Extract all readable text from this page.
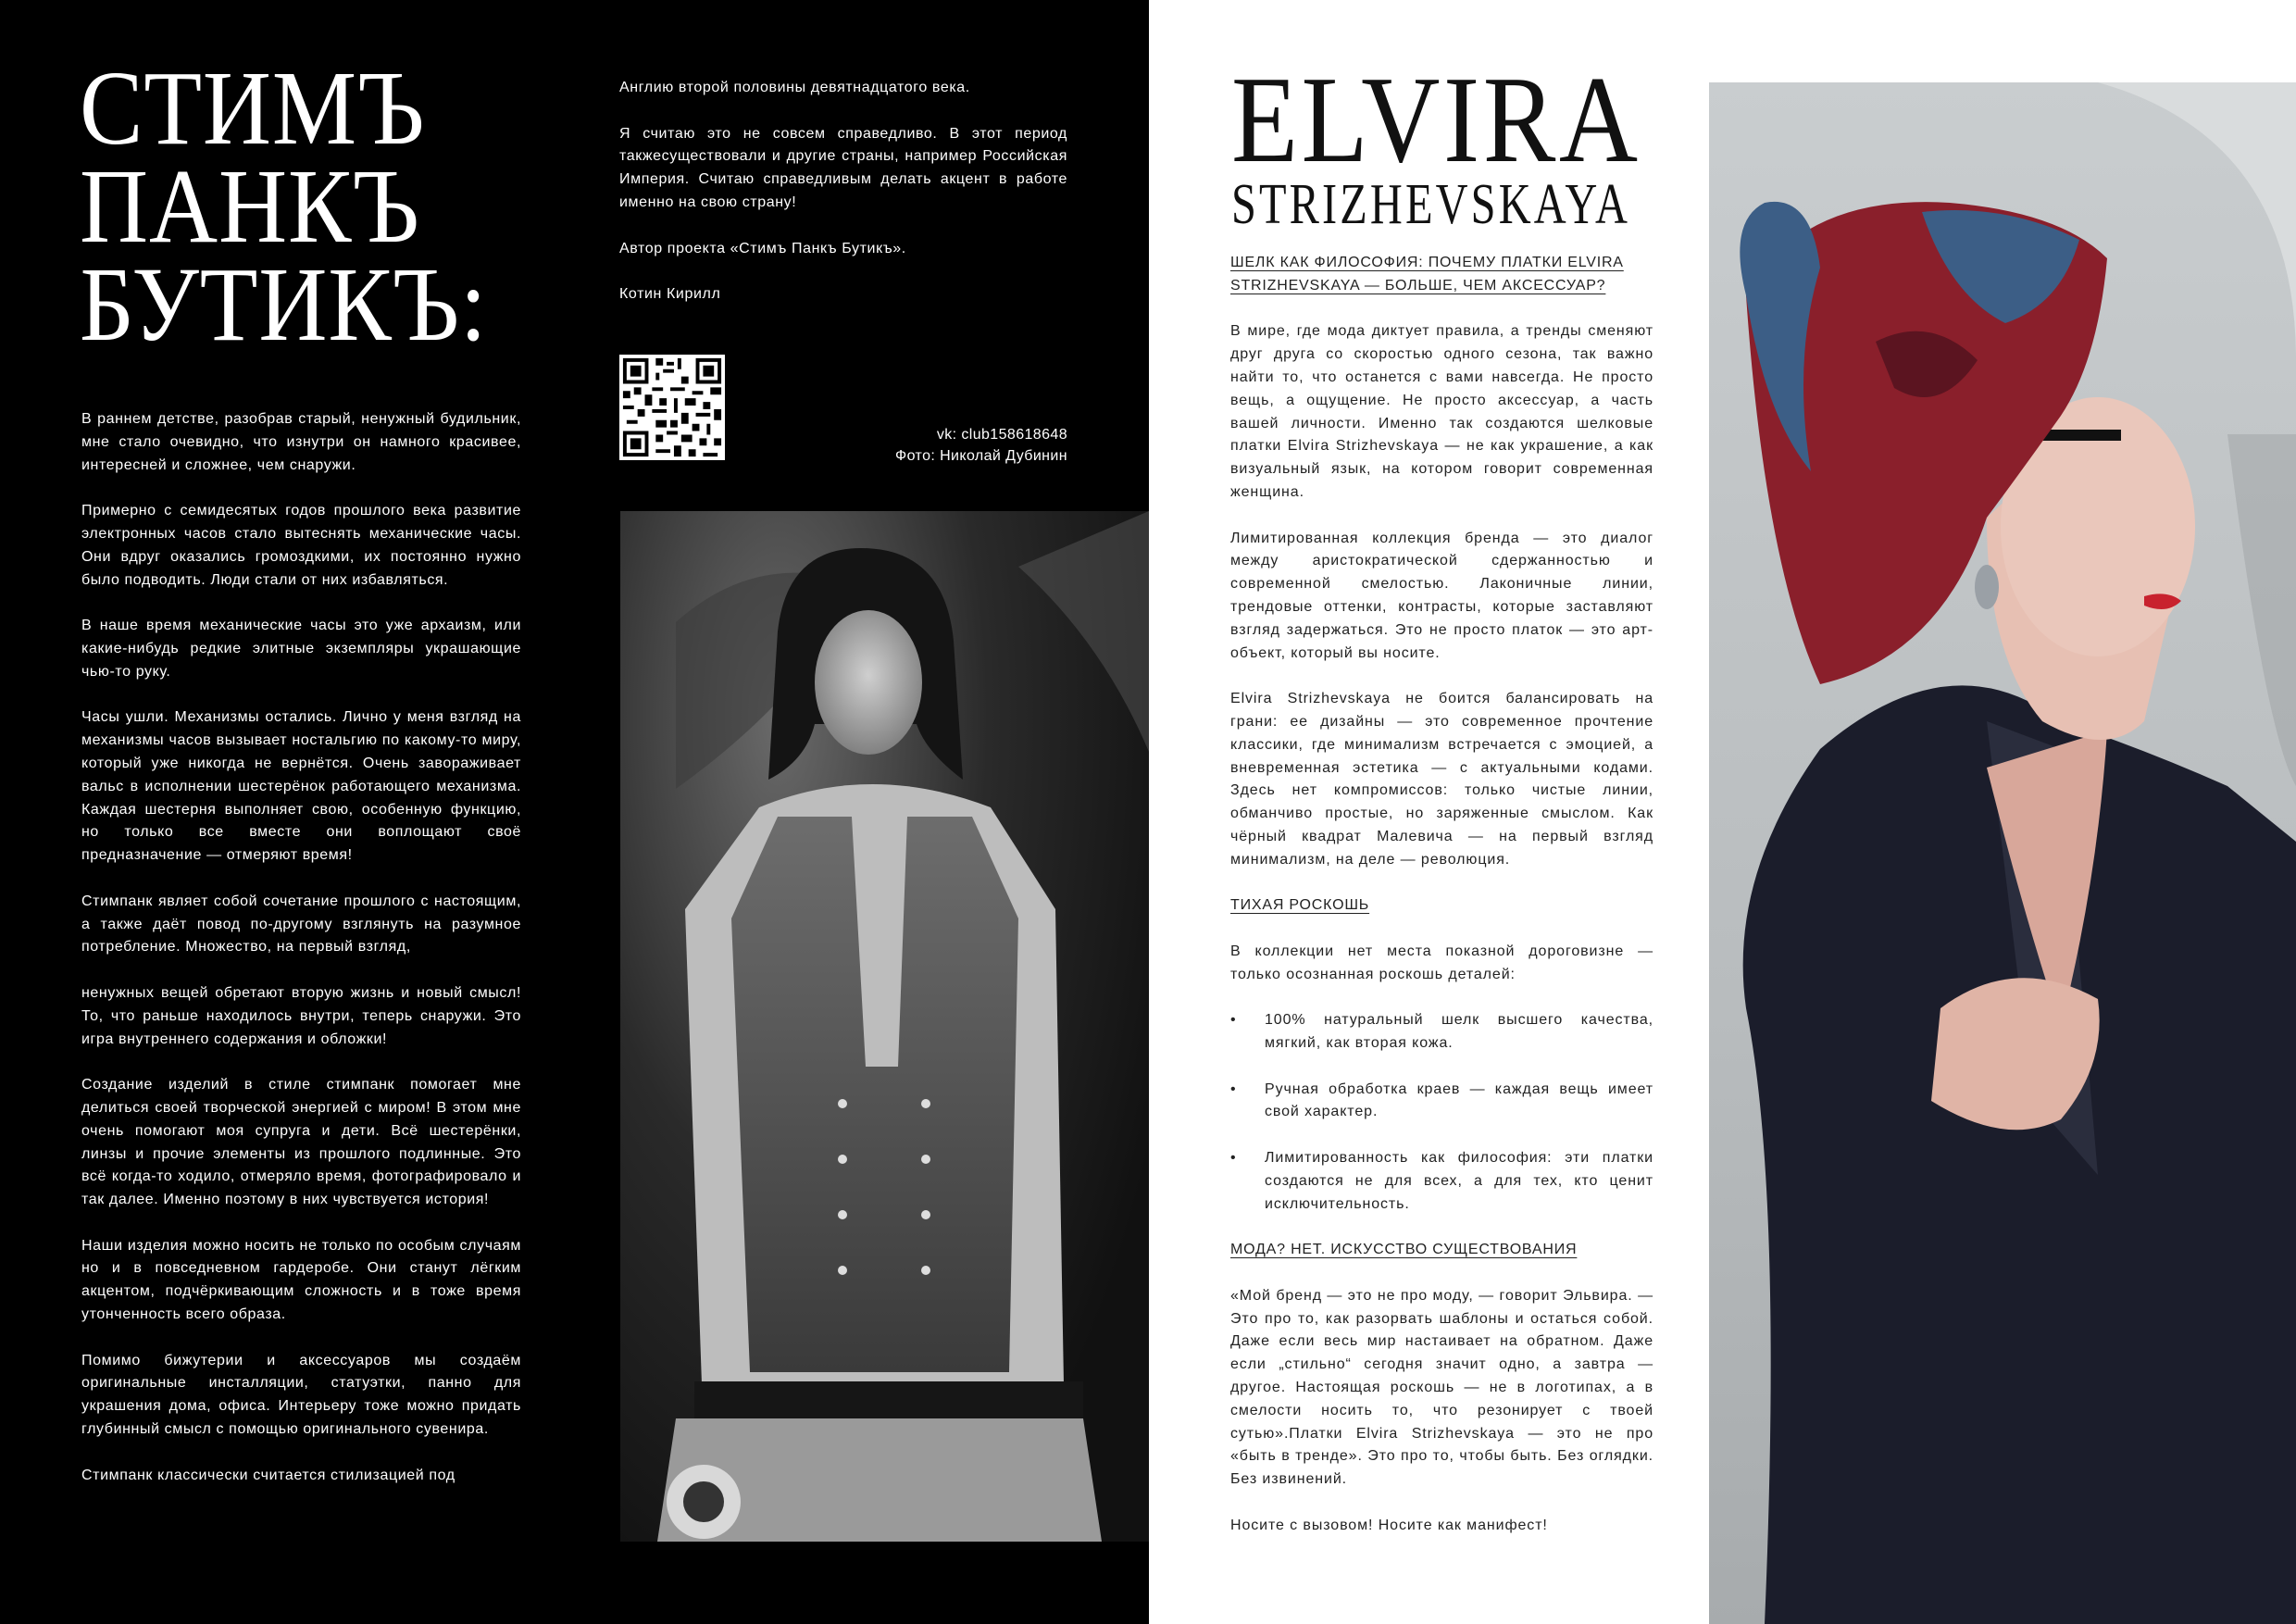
СТИМЪ
ПАНКЪ
БУТИКЪ:

В раннем детстве, разобрав старый, ненужный будильник, мне стало очевидно, что изнутри он намного красивее, интересней и сложнее, чем снаружи.

Примерно с семидесятых годов прошлого века развитие электронных часов стало вытеснять механические часы. Они вдруг оказались громоздкими, их постоянно нужно было подводить. Люди стали от них избавляться.

В наше время механические часы это уже архаизм, или какие-нибудь редкие элитные экземпляры украшающие чью-то руку.

Часы ушли. Механизмы остались. Лично у меня взгляд на механизмы часов вызывает ностальгию по какому-то миру, который уже никогда не вернётся. Очень завораживает вальс в исполнении шестерёнок работающего механизма. Каждая шестерня выполняет свою, особенную функцию, но только все вместе они воплощают своё предназначение — отмеряют время!

Стимпанк являет собой сочетание прошлого с настоящим, а также даёт повод по-другому взглянуть на разумное потребление. Множество, на первый взгляд,

ненужных вещей обретают вторую жизнь и новый смысл! То, что раньше находилось внутри, теперь снаружи. Это игра внутреннего содержания и обложки!

Создание изделий в стиле стимпанк помогает мне делиться своей творческой энергией с миром! В этом мне очень помогают моя супруга и дети. Всё шестерёнки, линзы и прочие элементы из прошлого подлинные. Это всё когда-то ходило, отмеряло время, фотографировало и так далее. Именно поэтому в них чувствуется история!

Наши изделия можно носить не только по особым случаям но и в повседневном гардеробе. Они станут лёгким акцентом, подчёркивающим сложность и в тоже время утонченность всего образа.

Помимо бижутерии и аксессуаров мы создаём оригинальные инсталляции, статуэтки, панно для украшения дома, офиса. Интерьеру тоже можно придать глубинный смысл с помощью оригинального сувенира.

Стимпанк классически считается стилизацией под

Англию второй половины девятнадцатого века.

Я считаю это не совсем справедливо. В этот период такжесуществовали и другие страны, например Российская Империя. Считаю справедливым делать акцент в работе именно на свою страну!

Автор проекта «Стимъ Панкъ Бутикъ».

Котин Кирилл

vk: club158618648
Фото: Николай Дубинин
ELVIRA
STRIZHEVSKAYA
ШЕЛК КАК ФИЛОСОФИЯ: ПОЧЕМУ ПЛАТКИ ELVIRA STRIZHEVSKAYA — БОЛЬШЕ, ЧЕМ АКСЕССУАР?

В мире, где мода диктует правила, а тренды сменяют друг друга со скоростью одного сезона, так важно найти то, что останется с вами навсегда. Не просто вещь, а ощущение. Не просто аксессуар, а часть вашей личности. Именно так создаются шелковые платки Elvira Strizhevskaya — не как украшение, а как визуальный язык, на котором говорит современная женщина.

Лимитированная коллекция бренда — это диалог между аристократической сдержанностью и современной смелостью. Лаконичные линии, трендовые оттенки, контрасты, которые заставляют взгляд задержаться. Это не просто платок — это арт-объект, который вы носите.

Elvira Strizhevskaya не боится балансировать на грани: ее дизайны — это современное прочтение классики, где минимализм встречается с эмоцией, а вневременная эстетика — с актуальными кодами. Здесь нет компромиссов: только чистые линии, обманчиво простые, но заряженные смыслом. Как чёрный квадрат Малевича — на первый взгляд минимализм, на деле — революция.

ТИХАЯ РОСКОШЬ

В коллекции нет места показной дороговизне — только осознанная роскошь деталей:

• 100% натуральный шелк высшего качества, мягкий, как вторая кожа.
• Ручная обработка краев — каждая вещь имеет свой характер.
• Лимитированность как философия: эти платки создаются не для всех, а для тех, кто ценит исключительность.
МОДА? НЕТ. ИСКУССТВО СУЩЕСТВОВАНИЯ

«Мой бренд — это не про моду, — говорит Эльвира. — Это про то, как разорвать шаблоны и остаться собой. Даже если весь мир настаивает на обратном. Даже если „стильно“ сегодня значит одно, а завтра — другое. Настоящая роскошь — не в логотипах, а в смелости носить то, что резонирует с твоей сутью».Платки Elvira Strizhevskaya — это не про «быть в тренде». Это про то, чтобы быть. Без оглядки. Без извинений.

Носите с вызовом! Носите как манифест!
